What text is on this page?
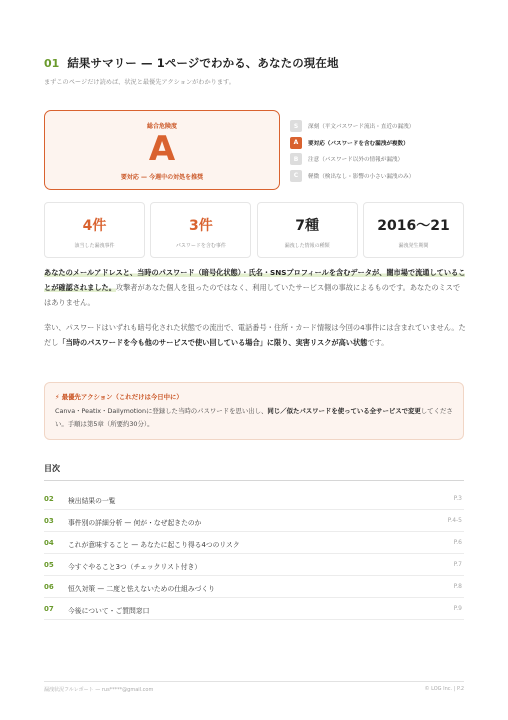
01 結果サマリー — 1ページでわかる、あなたの現在地
まずこのページだけ読めば、状況と最優先アクションがわかります。
総合危険度
A
要対応 — 今週中の対処を推奨
S	深刻（平文パスワード流出・直近の漏洩）
A	要対応（パスワードを含む漏洩が複数）
B	注意（パスワード以外の情報が漏洩）
C	軽微（検出なし・影響の小さい漏洩のみ）
4件
該当した漏洩事件
3件
パスワードを含む事件
7種
漏洩した情報の種類
2016〜21
漏洩発生期間
あなたのメールアドレスと、当時のパスワード（暗号化状態）・氏名・SNSプロフィールを含むデータが、闇市場で流通していることが確認されました。攻撃者があなた個人を狙ったのではなく、利用していたサービス側の事故によるものです。あなたのミスではありません。
幸い、パスワードはいずれも暗号化された状態での流出で、電話番号・住所・カード情報は今回の4事件には含まれていません。ただし「当時のパスワードを今も他のサービスで使い回している場合」に限り、実害リスクが高い状態です。
⚡ 最優先アクション（これだけは今日中に）
Canva・Peatix・Dailymotionに登録した当時のパスワードを思い出し、同じ／似たパスワードを使っている全サービスで変更してください。手順は第5章（所要約30分）。
目次
02 検出結果の一覧	P.3
03 事件別の詳細分析 — 何が・なぜ起きたのか	P.4-5
04 これが意味すること — あなたに起こり得る4つのリスク	P.6
05 今すぐやること3つ（チェックリスト付き）	P.7
06 恒久対策 — 二度と怯えないための仕組みづくり	P.8
07 今後について・ご質問窓口	P.9
漏洩状況フルレポート — rus*****@gmail.com	© LOG Inc. | P.2
